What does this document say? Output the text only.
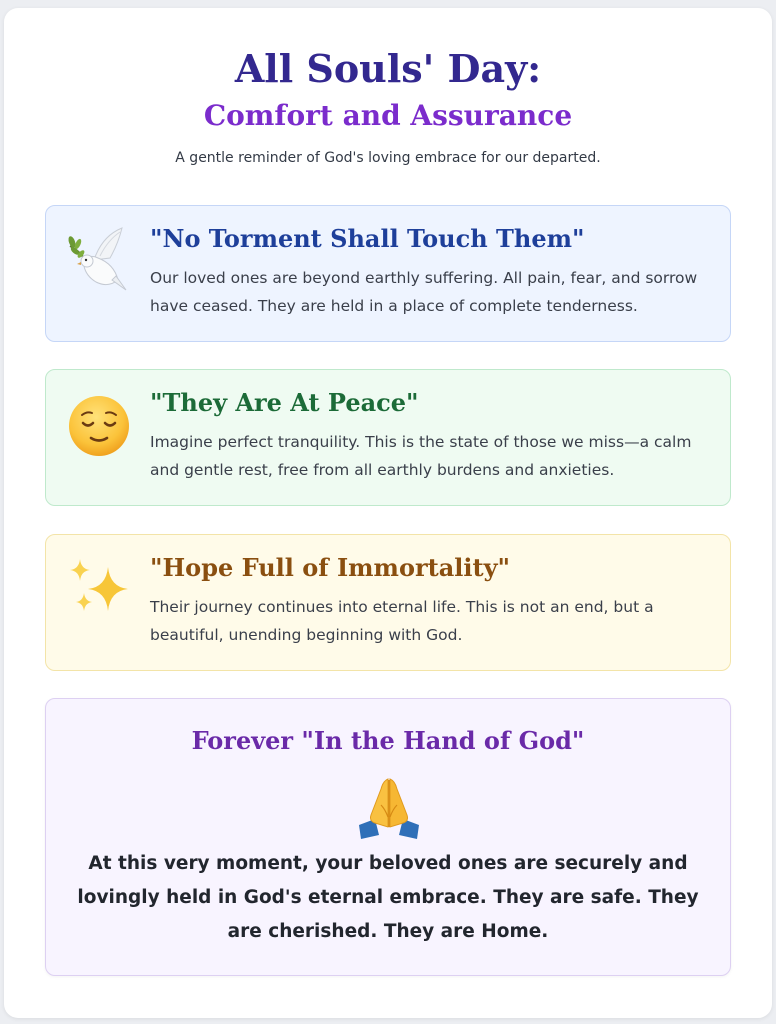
All Souls' Day:
Comfort and Assurance

A gentle reminder of God's loving embrace for our departed.

"No Torment Shall Touch Them"

Our loved ones are beyond earthly suffering. All pain, fear, and sorrow have ceased. They are held in a place of complete tenderness.

"They Are At Peace"

Imagine perfect tranquility. This is the state of those we miss—a calm and gentle rest, free from all earthly burdens and anxieties.

"Hope Full of Immortality"

Their journey continues into eternal life. This is not an end, but a beautiful, unending beginning with God.

Forever "In the Hand of God"

At this very moment, your beloved ones are securely and lovingly held in God's eternal embrace. They are safe. They are cherished. They are Home.
